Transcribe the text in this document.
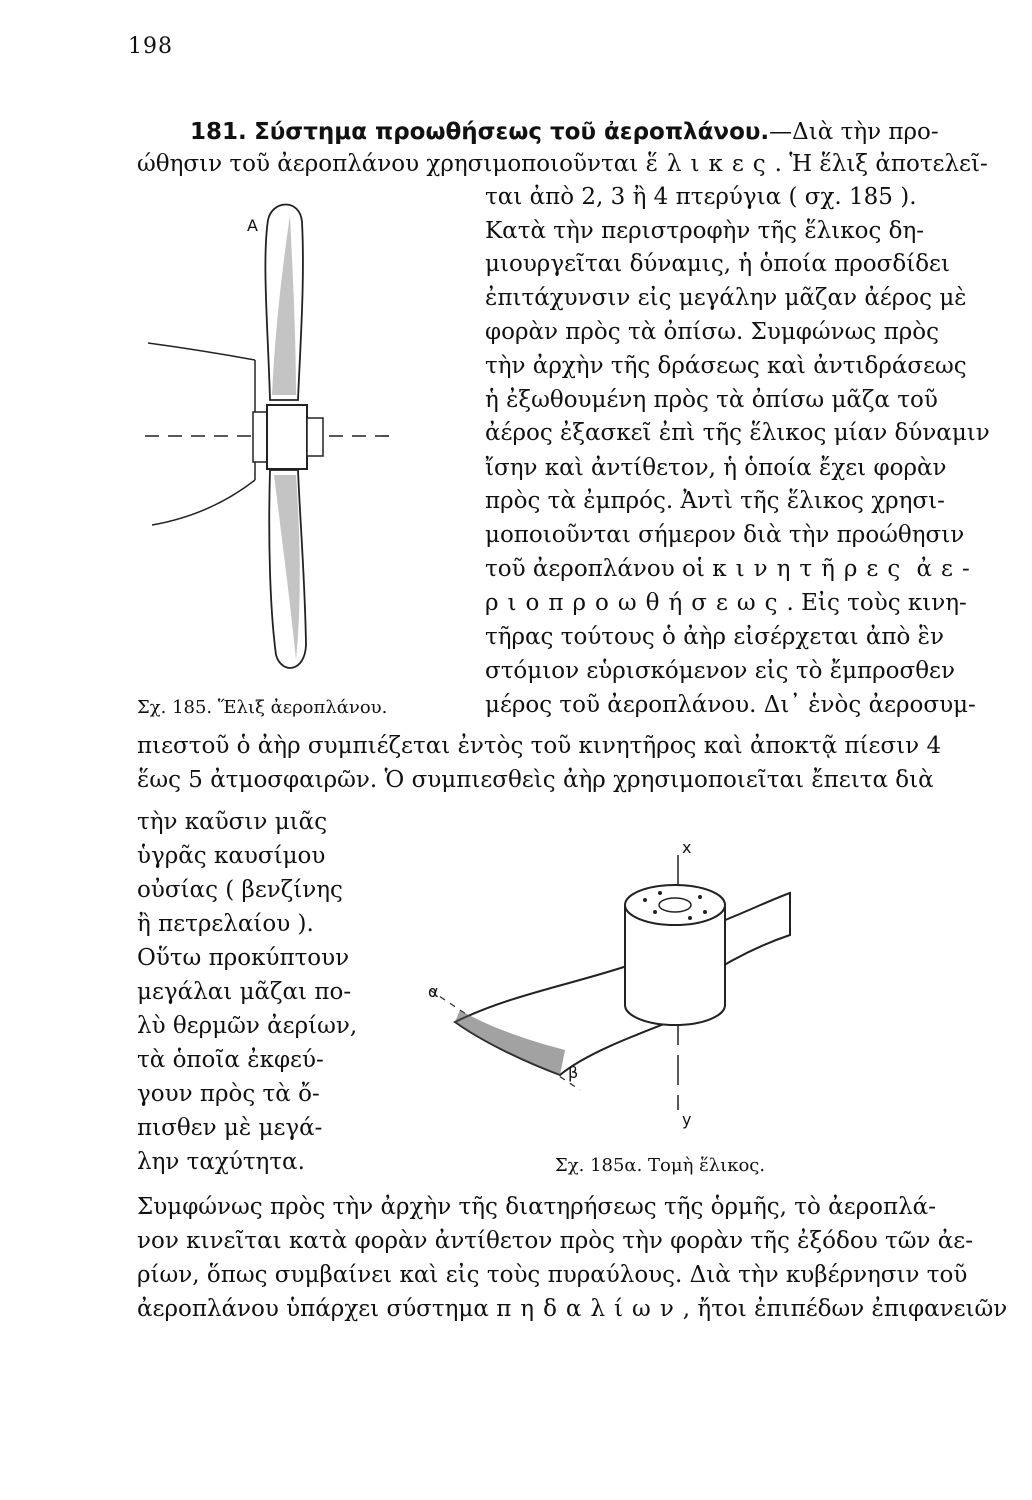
198
181. Σύστημα προωθήσεως τοῦ ἀεροπλάνου.—Διὰ τὴν προ-
ώθησιν τοῦ ἀεροπλάνου χρησιμοποιοῦνται ἕλικες. Ἡ ἕλιξ ἀποτελεῖ-
ται ἀπὸ 2, 3 ἢ 4 πτερύγια ( σχ. 185 ).
Κατὰ τὴν περιστροφὴν τῆς ἕλικος δη-
μιουργεῖται δύναμις, ἡ ὁποία προσδίδει
ἐπιτάχυνσιν εἰς μεγάλην μᾶζαν ἀέρος μὲ
φορὰν πρὸς τὰ ὀπίσω. Συμφώνως πρὸς
τὴν ἀρχὴν τῆς δράσεως καὶ ἀντιδράσεως
ἡ ἐξωθουμένη πρὸς τὰ ὀπίσω μᾶζα τοῦ
ἀέρος ἐξασκεῖ ἐπὶ τῆς ἕλικος μίαν δύναμιν
ἴσην καὶ ἀντίθετον, ἡ ὁποία ἔχει φορὰν
πρὸς τὰ ἐμπρός. Ἀντὶ τῆς ἕλικος χρησι-
μοποιοῦνται σήμερον διὰ τὴν προώθησιν
τοῦ ἀεροπλάνου οἱ κινητῆρες ἀε-
ριοπροωθήσεως. Εἰς τοὺς κινη-
τῆρας τούτους ὁ ἀὴρ εἰσέρχεται ἀπὸ ἓν
στόμιον εὑρισκόμενον εἰς τὸ ἔμπροσθεν
μέρος τοῦ ἀεροπλάνου. Δι᾽ ἑνὸς ἀεροσυμ-
πιεστοῦ ὁ ἀὴρ συμπιέζεται ἐντὸς τοῦ κινητῆρος καὶ ἀποκτᾷ πίεσιν 4
ἕως 5 ἀτμοσφαιρῶν. Ὁ συμπιεσθεὶς ἀὴρ χρησιμοποιεῖται ἔπειτα διὰ
τὴν καῦσιν μιᾶς
ὑγρᾶς καυσίμου
οὐσίας ( βενζίνης
ἢ πετρελαίου ).
Οὕτω προκύπτουν
μεγάλαι μᾶζαι πο-
λὺ θερμῶν ἀερίων,
τὰ ὁποῖα ἐκφεύ-
γουν πρὸς τὰ ὄ-
πισθεν μὲ μεγά-
λην ταχύτητα.
Συμφώνως πρὸς τὴν ἀρχὴν τῆς διατηρήσεως τῆς ὁρμῆς, τὸ ἀεροπλά-
νον κινεῖται κατὰ φορὰν ἀντίθετον πρὸς τὴν φορὰν τῆς ἐξόδου τῶν ἀε-
ρίων, ὅπως συμβαίνει καὶ εἰς τοὺς πυραύλους. Διὰ τὴν κυβέρνησιν τοῦ
ἀεροπλάνου ὑπάρχει σύστημα πηδαλίων, ἤτοι ἐπιπέδων ἐπιφανειῶν
A
Σχ. 185. Ἕλιξ ἀεροπλάνου.
x
y
α
β
Σχ. 185α. Τομὴ ἕλικος.
